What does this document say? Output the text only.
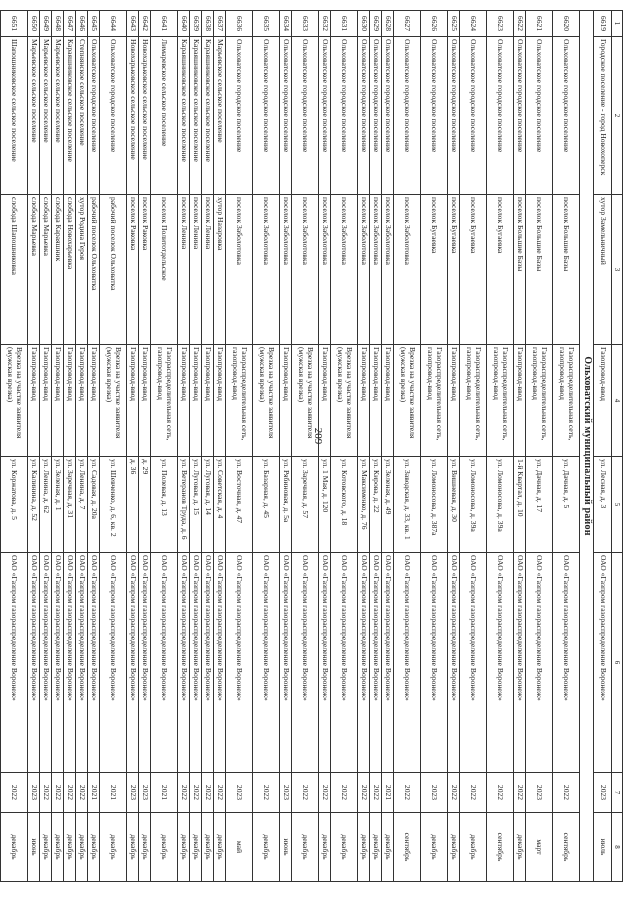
209
1	2	3	4	5	6	7	8
6619	Городское поселение - город Новохоперск	хутор Замельничный	Газопровод-ввод	ул. Лесная, д. 3	ОАО «Газпром газораспределение Воронеж»	2023	июль
Ольховатский муниципальный район							
6620	Ольховатское городское поселение	поселок Большие Базы	Газораспределительная сеть, газопровод-ввод	ул. Дачная, д. 5	ОАО «Газпром газораспределение Воронеж»	2022	сентябрь
6621	Ольховатское городское поселение	поселок Большие Базы	Газораспределительная сеть, газопровод-ввод	ул. Дачная, д. 17	ОАО «Газпром газораспределение Воронеж»	2023	март
6622	Ольховатское городское поселение	поселок Большие Базы	Газопровод-ввод	1-й Квартал, д. 10	ОАО «Газпром газораспределение Воронеж»	2022	декабрь
6623	Ольховатское городское поселение	поселок Бугаевка	Газораспределительная сеть, газопровод-ввод	ул. Ломоносова, д. 39а	ОАО «Газпром газораспределение Воронеж»	2022	сентябрь
6624	Ольховатское городское поселение	поселок Бугаевка	Газораспределительная сеть, газопровод-ввод	ул. Ломоносова, д. 39а	ОАО «Газпром газораспределение Воронеж»	2022	декабрь
6625	Ольховатское городское поселение	поселок Бугаевка	Газопровод-ввод	ул. Вишневая, д. 30	ОАО «Газпром газораспределение Воронеж»	2022	декабрь
6626	Ольховатское городское поселение	поселок Бугаевка	Газораспределительная сеть, газопровод-ввод	ул. Ломоносова, д. 387а	ОАО «Газпром газораспределение Воронеж»	2023	декабрь
6627	Ольховатское городское поселение	поселок Заболотовка	Врезка на участке заявителя (мужская врезка)	ул. Заводская, д. 33, кв. 1	ОАО «Газпром газораспределение Воронеж»	2022	сентябрь
6628	Ольховатское городское поселение	поселок Заболотовка	Газопровод-ввод	ул. Зеленая, д. 49	ОАО «Газпром газораспределение Воронеж»	2021	декабрь
6629	Ольховатское городское поселение	поселок Заболотовка	Газопровод-ввод	ул. Кирова, д. 22	ОАО «Газпром газораспределение Воронеж»	2022	декабрь
6630	Ольховатское городское поселение	поселок Заболотовка	Газопровод-ввод	ул. Максименко, д. 76	ОАО «Газпром газораспределение Воронеж»	2022	декабрь
6631	Ольховатское городское поселение	поселок Заболотовка	Врезка на участке заявителя (мужская врезка)	ул. Котовского, д. 18	ОАО «Газпром газораспределение Воронеж»	2022	декабрь
6632	Ольховатское городское поселение	поселок Заболотовка	Газопровод-ввод	ул. 1 Мая, д. 120	ОАО «Газпром газораспределение Воронеж»	2022	декабрь
6633	Ольховатское городское поселение	поселок Заболотовка	Врезка на участке заявителя (мужская врезка)	ул. Заречная, д. 57	ОАО «Газпром газораспределение Воронеж»	2022	декабрь
6634	Ольховатское городское поселение	поселок Заболотовка	Газопровод-ввод	ул. Рябиновая, д. 5а	ОАО «Газпром газораспределение Воронеж»	2023	июнь
6635	Ольховатское городское поселение	поселок Заболотовка	Врезка на участке заявителя (мужская врезка)	ул. Базарная, д. 45	ОАО «Газпром газораспределение Воронеж»	2022	декабрь
6636	Ольховатское городское поселение	поселок Заболотовка	Газораспределительная сеть, газопровод-ввод	ул. Восточная, д. 47	ОАО «Газпром газораспределение Воронеж»	2023	май
6637	Марьевское сельское поселение	хутор Назаровка	Газопровод-ввод	ул. Советская, д. 4	ОАО «Газпром газораспределение Воронеж»	2022	декабрь
6638	Караяшниковское сельское поселение	поселок Ленина	Газопровод-ввод	ул. Луговая, д. 14	ОАО «Газпром газораспределение Воронеж»	2022	декабрь
6639	Караяшниковское сельское поселение	поселок Ленина	Газопровод-ввод	ул. Луговая, д. 15	ОАО «Газпром газораспределение Воронеж»	2022	декабрь
6640	Караяшниковское сельское поселение	поселок Ленина	Газопровод-ввод	ул. Ветеранов Труда, д. 6	ОАО «Газпром газораспределение Воронеж»	2022	декабрь
6641	Лимаревское сельское поселение	поселок Политотдельское	Газораспределительная сеть, газопровод-ввод	ул. Полевая, д. 13	ОАО «Газпром газораспределение Воронеж»	2021	декабрь
6642	Новохарьковское сельское поселение	поселок Раковка	Газопровод-ввод	д. 29	ОАО «Газпром газораспределение Воронеж»	2023	декабрь
6643	Новохарьковское сельское поселение	поселок Раковка	Газопровод-ввод	д. 36	ОАО «Газпром газораспределение Воронеж»	2023	декабрь
6644	Ольховатское городское поселение	рабочий поселок Ольховатка	Врезка на участке заявителя (мужская врезка)	ул. Шевченко, д. 6, кв. 2	ОАО «Газпром газораспределение Воронеж»	2021	декабрь
6645	Ольховатское городское поселение	рабочий поселок Ольховатка	Газопровод-ввод	ул. Садовая, д. 20а	ОАО «Газпром газораспределение Воронеж»	2021	декабрь
6646	Степнянское сельское поселение	хутор Родина Героя	Газопровод-ввод	ул. Ленина, д. 7	ОАО «Газпром газораспределение Воронеж»	2022	декабрь
6647	Караяшниковское сельское поселение	слобода Новохарьевка	Газопровод-ввод	ул. Заречная, д. 31	ОАО «Газпром газораспределение Воронеж»	2022	декабрь
6648	Марьевское сельское поселение	слобода Караяшник	Газопровод-ввод	ул. Зеленая, д. 1	ОАО «Газпром газораспределение Воронеж»	2022	декабрь
6649	Марьевское сельское поселение	слобода Марьевка	Газопровод-ввод	ул. Ленина, д. 62	ОАО «Газпром газораспределение Воронеж»	2022	декабрь
6650	Марьевское сельское поселение	слобода Марьевка	Газопровод-ввод	ул. Калинина, д. 52	ОАО «Газпром газораспределение Воронеж»	2023	июнь
6651	Шапошниковское сельское поселение	слобода Шапошниковка	Врезка на участке заявителя (мужская врезка)	ул. Коржатова, д. 5	ОАО «Газпром газораспределение Воронеж»	2022	декабрь
